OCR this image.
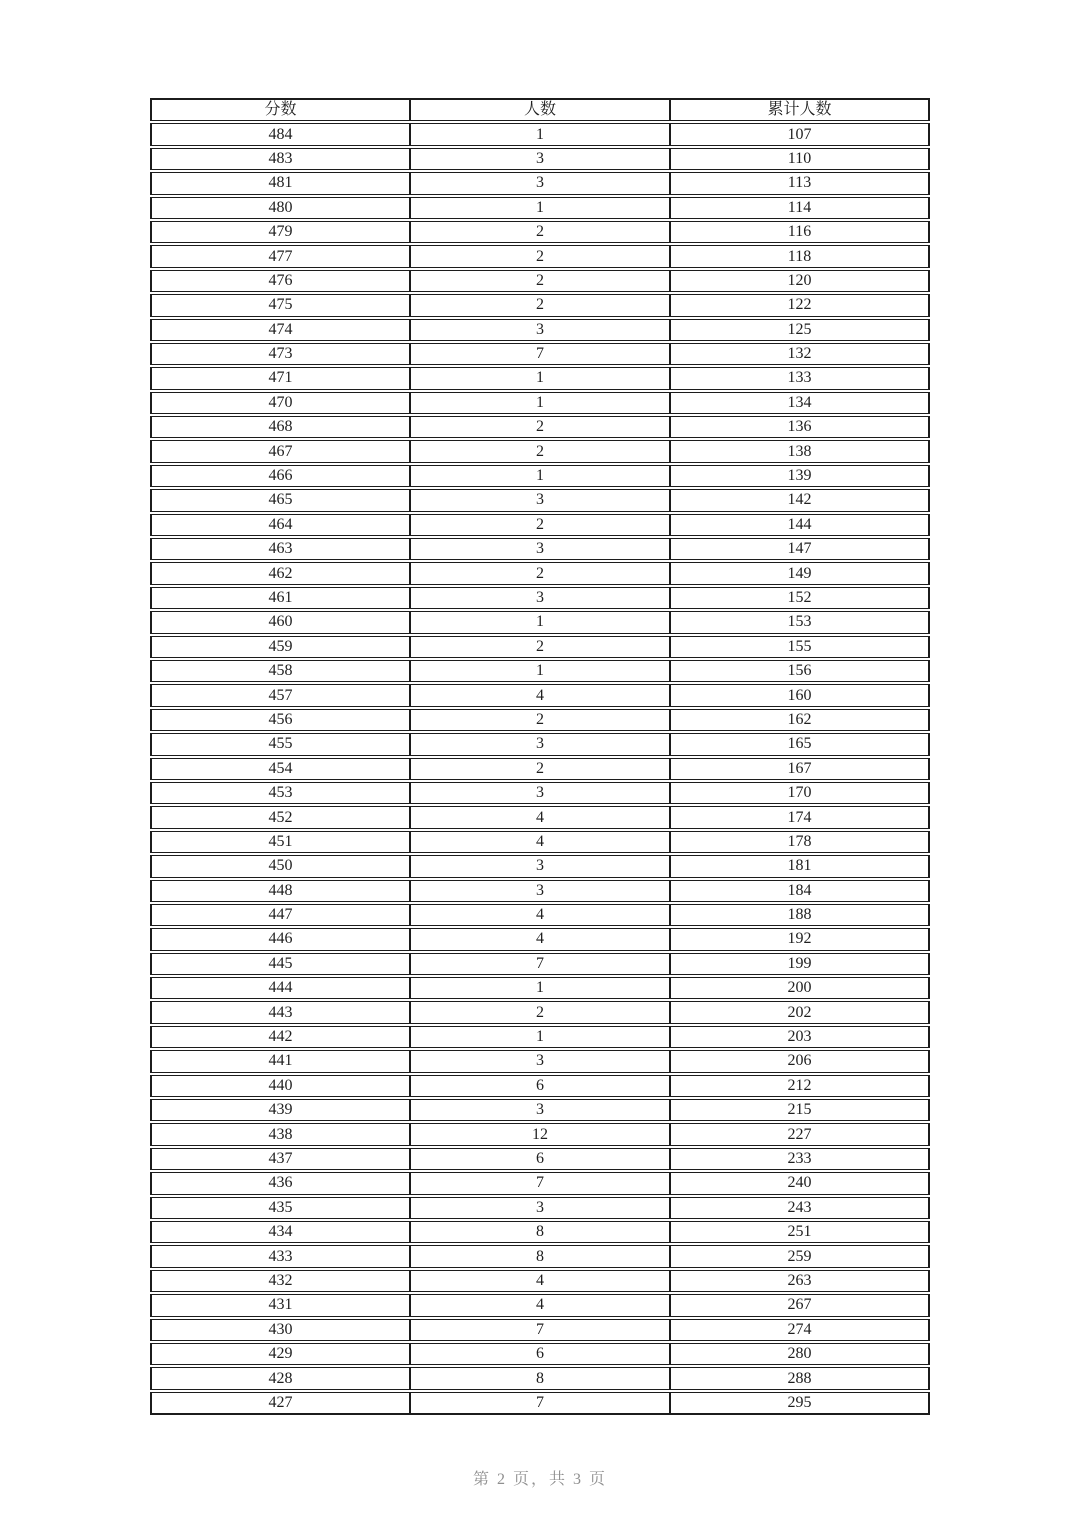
分数	人数	累计人数
484	1	107
483	3	110
481	3	113
480	1	114
479	2	116
477	2	118
476	2	120
475	2	122
474	3	125
473	7	132
471	1	133
470	1	134
468	2	136
467	2	138
466	1	139
465	3	142
464	2	144
463	3	147
462	2	149
461	3	152
460	1	153
459	2	155
458	1	156
457	4	160
456	2	162
455	3	165
454	2	167
453	3	170
452	4	174
451	4	178
450	3	181
448	3	184
447	4	188
446	4	192
445	7	199
444	1	200
443	2	202
442	1	203
441	3	206
440	6	212
439	3	215
438	12	227
437	6	233
436	7	240
435	3	243
434	8	251
433	8	259
432	4	263
431	4	267
430	7	274
429	6	280
428	8	288
427	7	295
第 2 页，共 3 页
